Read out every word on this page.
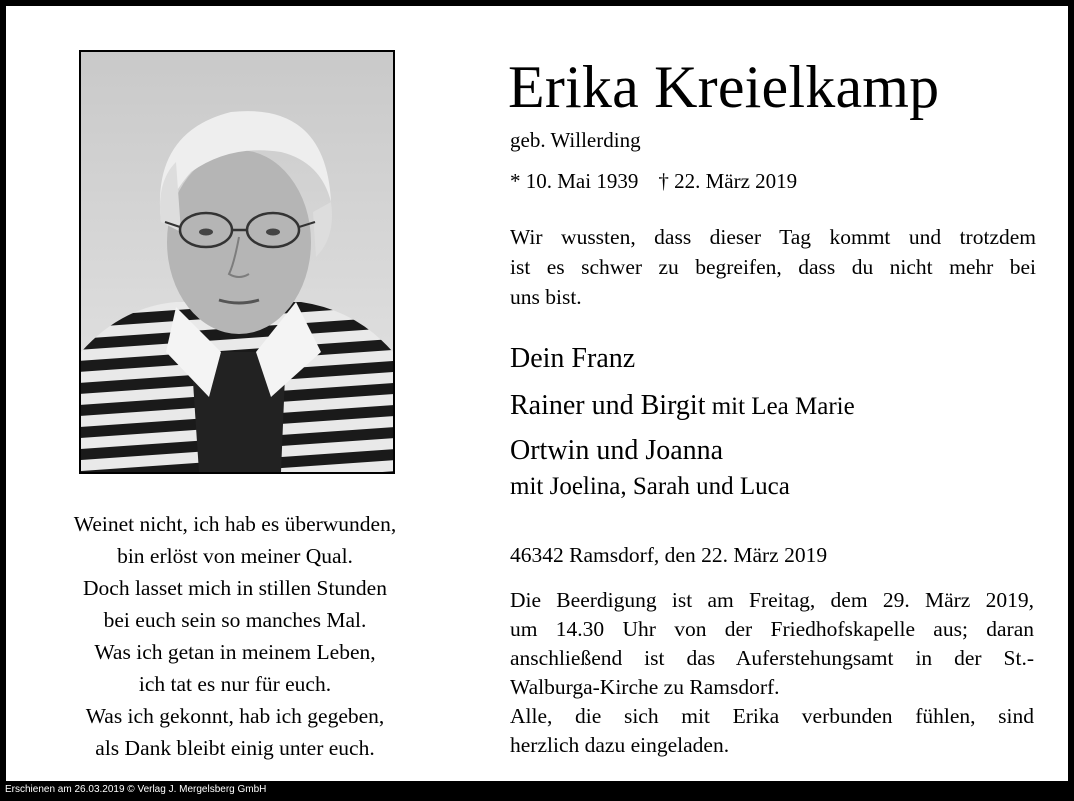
Weinet nicht, ich hab es überwunden,
bin erlöst von meiner Qual.
Doch lasset mich in stillen Stunden
bei euch sein so manches Mal.
Was ich getan in meinem Leben,
ich tat es nur für euch.
Was ich gekonnt, hab ich gegeben,
als Dank bleibt einig unter euch.
Erika Kreielkamp
geb. Willerding
* 10. Mai 1939 † 22. März 2019
Wir wussten, dass dieser Tag kommt und trotzdem
ist es schwer zu begreifen, dass du nicht mehr bei
uns bist.
Dein Franz
Rainer und Birgit mit Lea Marie
Ortwin und Joanna
mit Joelina, Sarah und Luca
46342 Ramsdorf, den 22. März 2019
Die Beerdigung ist am Freitag, dem 29. März 2019,
um 14.30 Uhr von der Friedhofskapelle aus; daran
anschließend ist das Auferstehungsamt in der St.-
Walburga-Kirche zu Ramsdorf.
Alle, die sich mit Erika verbunden fühlen, sind
herzlich dazu eingeladen.
Erschienen am 26.03.2019 © Verlag J. Mergelsberg GmbH
